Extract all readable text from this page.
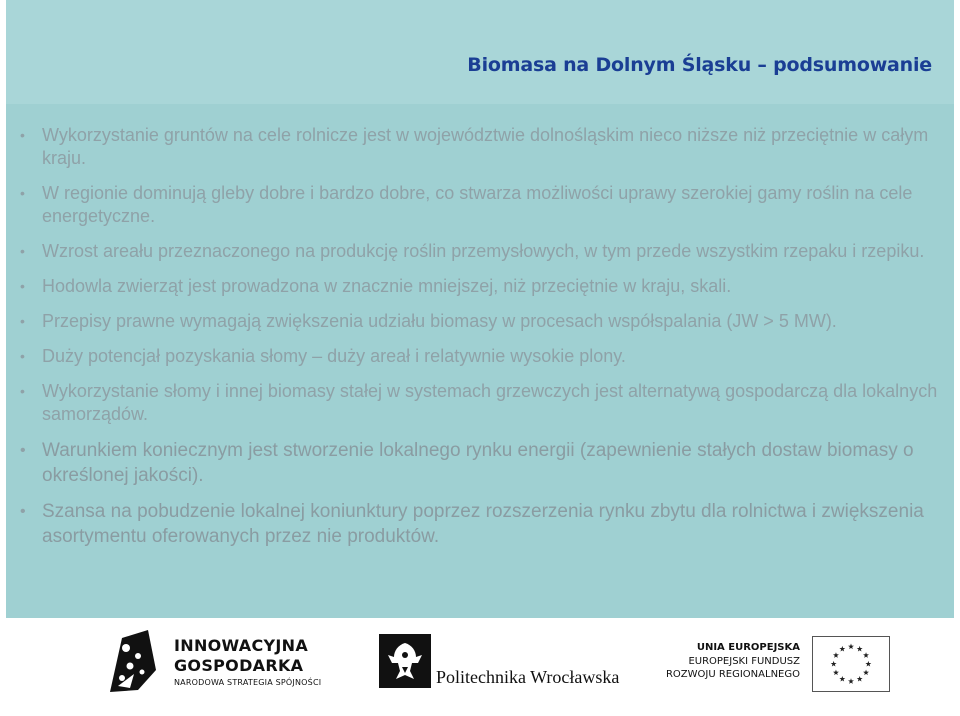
Biomasa na Dolnym Śląsku – podsumowanie
• Wykorzystanie gruntów na cele rolnicze jest w województwie dolnośląskim nieco niższe niż przeciętnie w całym kraju.
• W regionie dominują gleby dobre i bardzo dobre, co stwarza możliwości uprawy szerokiej gamy roślin na cele energetyczne.
• Wzrost areału przeznaczonego na produkcję roślin przemysłowych, w tym przede wszystkim rzepaku i rzepiku.
• Hodowla zwierząt jest prowadzona w znacznie mniejszej, niż przeciętnie w kraju, skali.
• Przepisy prawne wymagają zwiększenia udziału biomasy w procesach współspalania (JW > 5 MW).
• Duży potencjał pozyskania słomy – duży areał i relatywnie wysokie plony.
• Wykorzystanie słomy i innej biomasy stałej w systemach grzewczych jest alternatywą gospodarczą dla lokalnych samorządów.
• Warunkiem koniecznym jest stworzenie lokalnego rynku energii (zapewnienie stałych dostaw biomasy o określonej jakości).
• Szansa na pobudzenie lokalnej koniunktury poprzez rozszerzenia rynku zbytu dla rolnictwa i zwiększenia asortymentu oferowanych przez nie produktów.
INNOWACYJNA
GOSPODARKA
NARODOWA STRATEGIA SPÓJNOŚCI	Politechnika Wrocławska
UNIA EUROPEJSKA
EUROPEJSKI FUNDUSZ
ROZWOJU REGIONALNEGO
